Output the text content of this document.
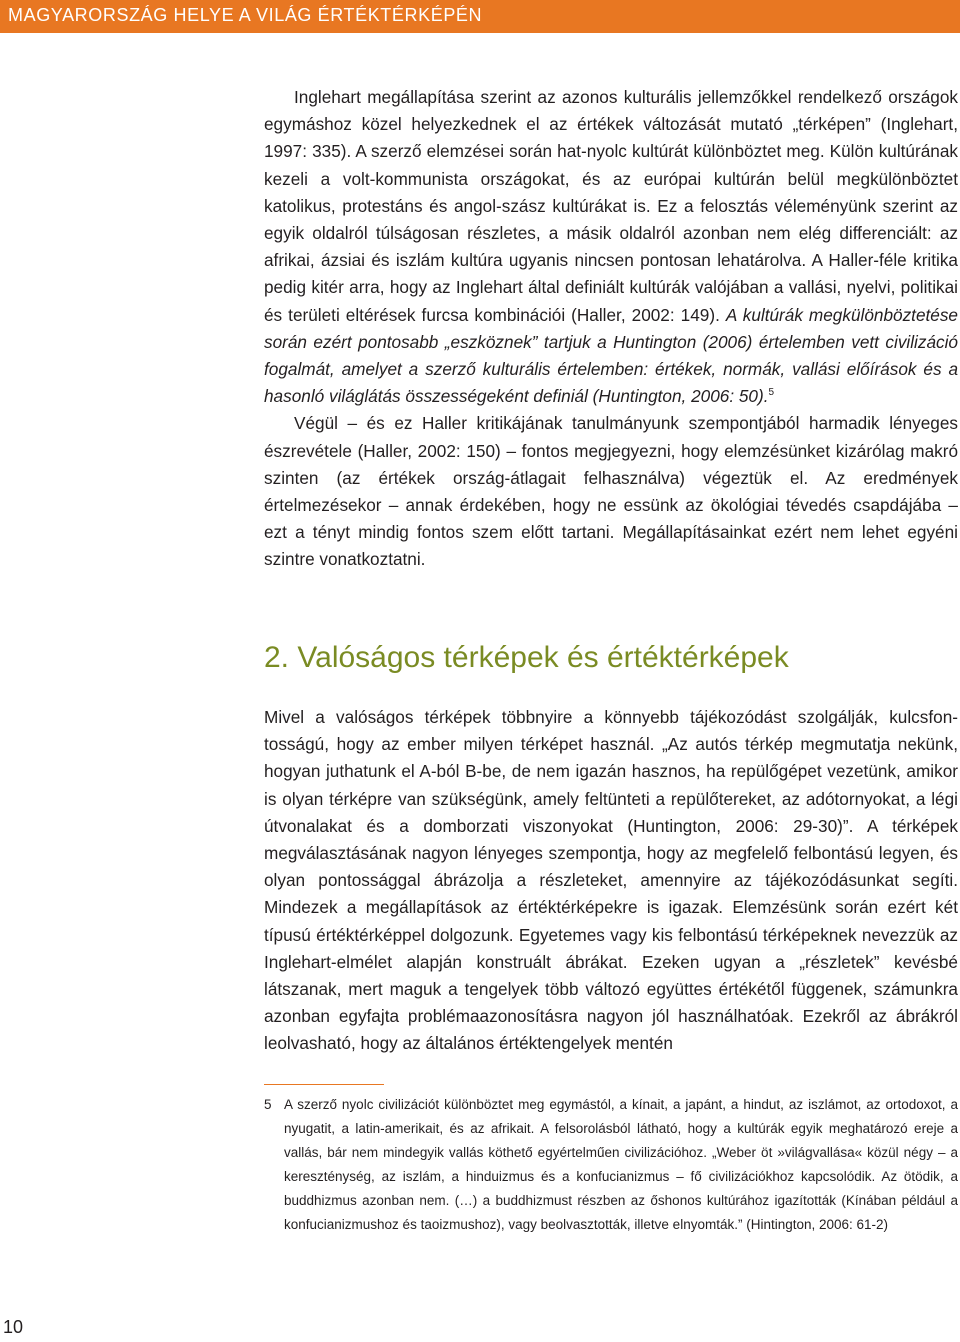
MAGYARORSZÁG HELYE A VILÁG ÉRTÉKTÉRKÉPÉN

Inglehart megállapítása szerint az azonos kulturális jellemzőkkel rendelkező országok egymáshoz közel helyezkednek el az értékek változását mutató „térképen” (Inglehart, 1997: 335). A szerző elemzései során hat-nyolc kultúrát különböztet meg. Külön kultúrának kezeli a volt-kommunista országokat, és az európai kultúrán belül megkülönböztet katolikus, protestáns és angol-szász kultúrákat is. Ez a felosztás véleményünk szerint az egyik oldalról túlságosan részletes, a másik oldalról azonban nem elég differenciált: az afrikai, ázsiai és iszlám kultúra ugyanis nincsen pontosan lehatárolva. A Haller-féle kritika pedig kitér arra, hogy az Inglehart által definiált kultúrák valójában a vallási, nyelvi, politikai és területi eltérések furcsa kombinációi (Haller, 2002: 149). A kultúrák megkülönböztetése során ezért pontosabb „eszköznek” tartjuk a Huntington (2006) értelemben vett civilizáció fogalmát, amelyet a szerző kulturális értelemben: értékek, normák, vallási előírások és a hasonló világlátás összességeként definiál (Huntington, 2006: 50).$^5$

Végül – és ez Haller kritikájának tanulmányunk szempontjából harmadik lényeges észrevétele (Haller, 2002: 150) – fontos megjegyezni, hogy elemzésünket kizárólag makró szinten (az értékek ország-átlagait felhasználva) végeztük el. Az eredmények értelmezésekor – annak érdekében, hogy ne essünk az ökológiai tévedés csapdájába – ezt a tényt mindig fontos szem előtt tartani. Megállapításainkat ezért nem lehet egyéni szintre vonatkoztatni.

2. Valóságos térképek és értéktérképek

Mivel a valóságos térképek többnyire a könnyebb tájékozódást szolgálják, kulcsfontosságú, hogy az ember milyen térképet használ. „Az autós térkép megmutatja nekünk, hogyan juthatunk el A-ból B-be, de nem igazán hasznos, ha repülőgépet vezetünk, amikor is olyan térképre van szükségünk, amely feltünteti a repülőtereket, az adótornyokat, a légi útvonalakat és a domborzati viszonyokat (Huntington, 2006: 29-30)”. A térképek megválasztásának nagyon lényeges szempontja, hogy az megfelelő felbontású legyen, és olyan pontossággal ábrázolja a részleteket, amennyire az tájékozódásunkat segíti. Mindezek a megállapítások az értéktérképekre is igazak. Elemzésünk során ezért két típusú értéktérképpel dolgozunk. Egyetemes vagy kis felbontású térképeknek nevezzük az Inglehart-elmélet alapján konstruált ábrákat. Ezeken ugyan a „részletek” kevésbé látszanak, mert maguk a tengelyek több változó együttes értékétől függenek, számunkra azonban egyfajta problémaazonosításra nagyon jól használhatóak. Ezekről az ábrákról leolvasható, hogy az általános értéktengelyek mentén

5 A szerző nyolc civilizációt különböztet meg egymástól, a kínait, a japánt, a hindut, az iszlámot, az ortodoxot, a nyugatit, a latin-amerikait, és az afrikait. A felsorolásból látható, hogy a kultúrák egyik meghatározó ereje a vallás, bár nem mindegyik vallás köthető egyértelműen civilizációhoz. „Weber öt »világvallása« közül négy – a kereszténység, az iszlám, a hinduizmus és a konfucianizmus – fő civilizációkhoz kapcsolódik. Az ötödik, a buddhizmus azonban nem. (…) a buddhizmust részben az őshonos kultúrához igazították (Kínában például a konfucianizmushoz és taoizmushoz), vagy beolvasztották, illetve elnyomták.” (Hintington, 2006: 61-2)

10
